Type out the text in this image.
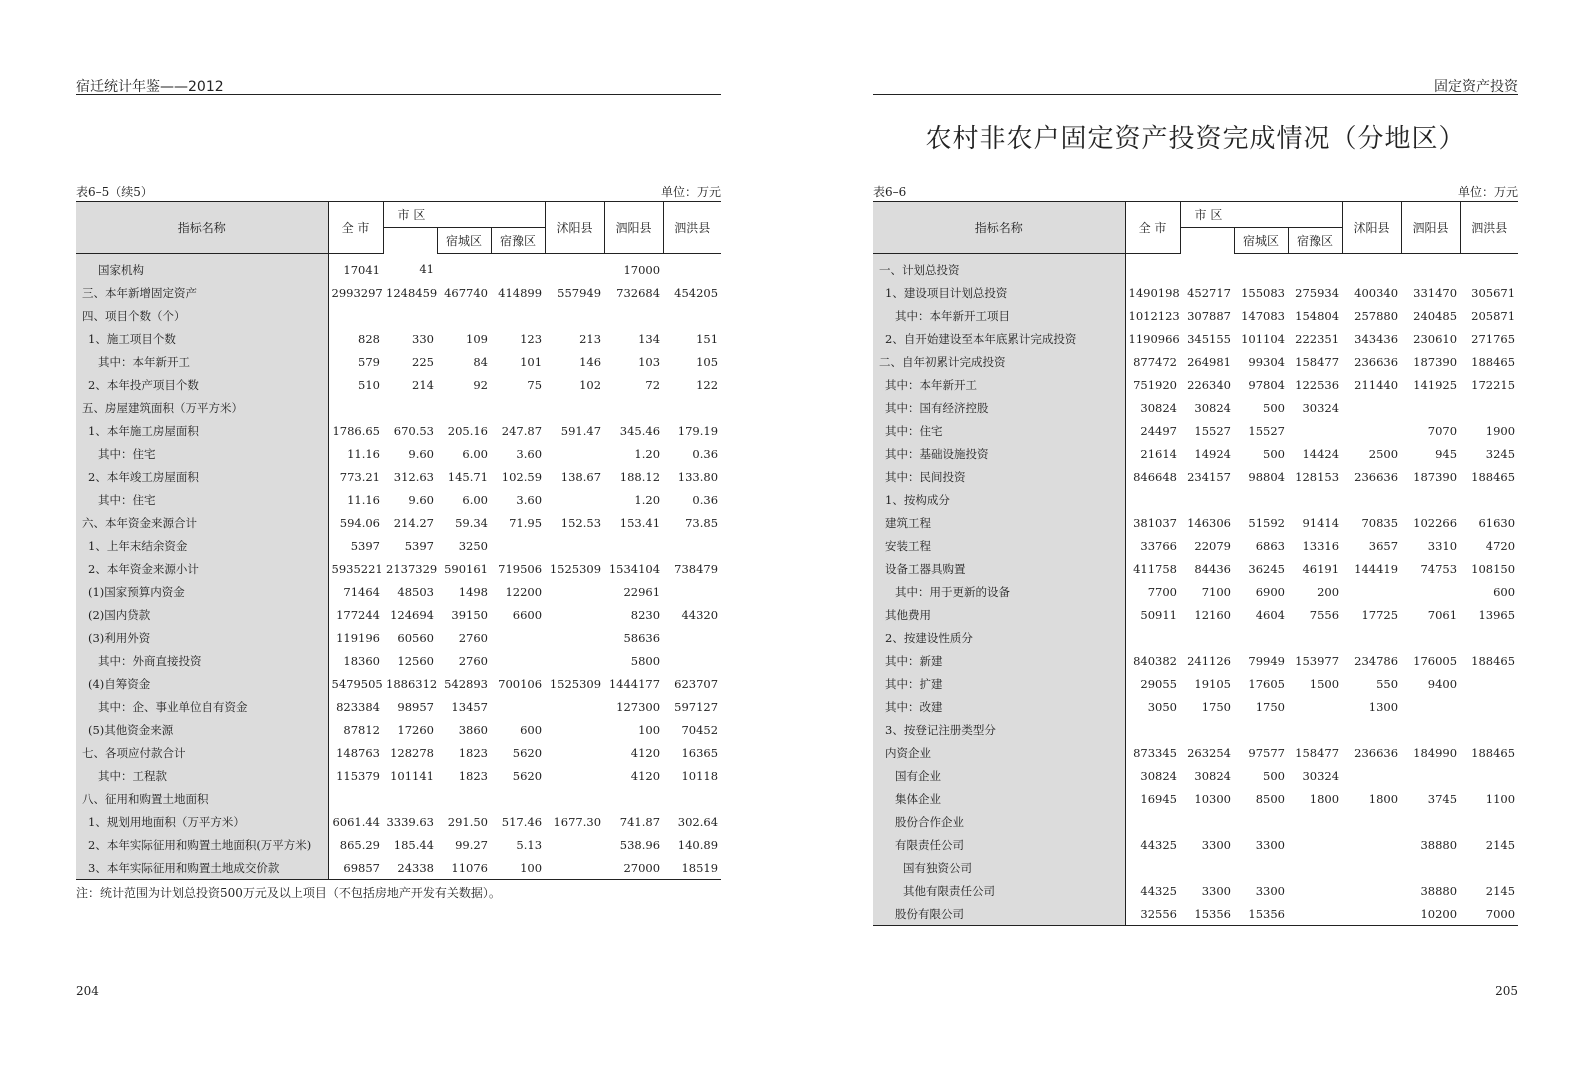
宿迁统计年鉴——2012
表6–5（续5）	单位：万元
指标名称	全 市	市 区			沭阳县	泗阳县	泗洪县
			宿城区	宿豫区			
国家机构	17041	41				17000	
三、本年新增固定资产	2993297	1248459	467740	414899	557949	732684	454205
四、项目个数（个）							
1、施工项目个数	828	330	109	123	213	134	151
其中：本年新开工	579	225	84	101	146	103	105
2、本年投产项目个数	510	214	92	75	102	72	122
五、房屋建筑面积（万平方米）							
1、本年施工房屋面积	1786.65	670.53	205.16	247.87	591.47	345.46	179.19
其中：住宅	11.16	9.60	6.00	3.60		1.20	0.36
2、本年竣工房屋面积	773.21	312.63	145.71	102.59	138.67	188.12	133.80
其中：住宅	11.16	9.60	6.00	3.60		1.20	0.36
六、本年资金来源合计	594.06	214.27	59.34	71.95	152.53	153.41	73.85
1、上年末结余资金	5397	5397	3250				
2、本年资金来源小计	5935221	2137329	590161	719506	1525309	1534104	738479
(1)国家预算内资金	71464	48503	1498	12200		22961	
(2)国内贷款	177244	124694	39150	6600		8230	44320
(3)利用外资	119196	60560	2760			58636	
其中：外商直接投资	18360	12560	2760			5800	
(4)自筹资金	5479505	1886312	542893	700106	1525309	1444177	623707
其中：企、事业单位自有资金	823384	98957	13457			127300	597127
(5)其他资金来源	87812	17260	3860	600		100	70452
七、各项应付款合计	148763	128278	1823	5620		4120	16365
其中：工程款	115379	101141	1823	5620		4120	10118
八、征用和购置土地面积							
1、规划用地面积（万平方米）	6061.44	3339.63	291.50	517.46	1677.30	741.87	302.64
2、本年实际征用和购置土地面积(万平方米)	865.29	185.44	99.27	5.13		538.96	140.89
3、本年实际征用和购置土地成交价款	69857	24338	11076	100		27000	18519
注：统计范围为计划总投资500万元及以上项目（不包括房地产开发有关数据）。
204
固定资产投资
农村非农户固定资产投资完成情况（分地区）
表6–6	单位：万元
指标名称	全 市	市 区			沭阳县	泗阳县	泗洪县
			宿城区	宿豫区			
一、计划总投资							
1、建设项目计划总投资	1490198	452717	155083	275934	400340	331470	305671
其中：本年新开工项目	1012123	307887	147083	154804	257880	240485	205871
2、自开始建设至本年底累计完成投资	1190966	345155	101104	222351	343436	230610	271765
二、自年初累计完成投资	877472	264981	99304	158477	236636	187390	188465
其中：本年新开工	751920	226340	97804	122536	211440	141925	172215
其中：国有经济控股	30824	30824	500	30324			
其中：住宅	24497	15527	15527			7070	1900
其中：基础设施投资	21614	14924	500	14424	2500	945	3245
其中：民间投资	846648	234157	98804	128153	236636	187390	188465
1、按构成分							
建筑工程	381037	146306	51592	91414	70835	102266	61630
安装工程	33766	22079	6863	13316	3657	3310	4720
设备工器具购置	411758	84436	36245	46191	144419	74753	108150
其中：用于更新的设备	7700	7100	6900	200			600
其他费用	50911	12160	4604	7556	17725	7061	13965
2、按建设性质分							
其中：新建	840382	241126	79949	153977	234786	176005	188465
其中：扩建	29055	19105	17605	1500	550	9400	
其中：改建	3050	1750	1750		1300		
3、按登记注册类型分							
内资企业	873345	263254	97577	158477	236636	184990	188465
国有企业	30824	30824	500	30324			
集体企业	16945	10300	8500	1800	1800	3745	1100
股份合作企业							
有限责任公司	44325	3300	3300			38880	2145
国有独资公司							
其他有限责任公司	44325	3300	3300			38880	2145
股份有限公司	32556	15356	15356			10200	7000
205
